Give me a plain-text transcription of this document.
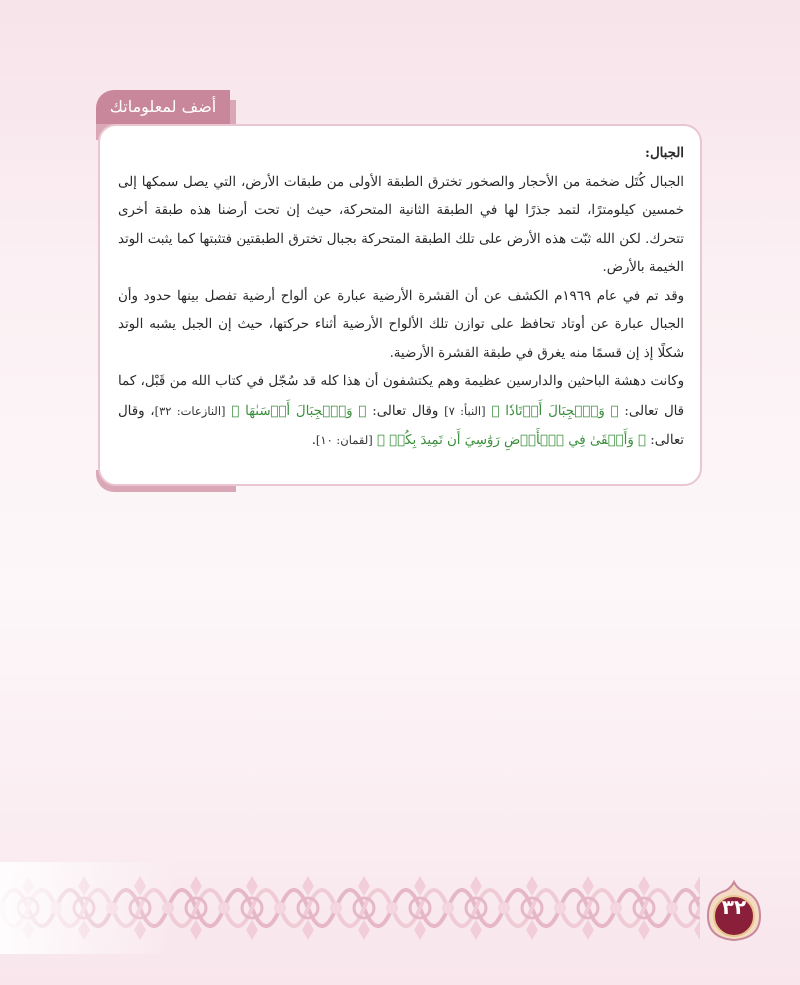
أضف لمعلوماتك

الجبال:

الجبال كُتَل ضخمة من الأحجار والصخور تخترق الطبقة الأولى من طبقات الأرض، التي يصل سمكها إلى خمسين كيلومترًا، لتمد جذرًا لها في الطبقة الثانية المتحركة، حيث إن تحت أرضنا هذه طبقة أخرى تتحرك. لكن الله ثبّت هذه الأرض على تلك الطبقة المتحركة بجبال تخترق الطبقتين فتثبتها كما يثبت الوتد الخيمة بالأرض.

وقد تم في عام ١٩٦٩م الكشف عن أن القشرة الأرضية عبارة عن ألواح أرضية تفصل بينها حدود وأن الجبال عبارة عن أوتاد تحافظ على توازن تلك الألواح الأرضية أثناء حركتها، حيث إن الجبل يشبه الوتد شكلًا إذ إن قسمًا منه يغرق في طبقة القشرة الأرضية.

وكانت دهشة الباحثين والدارسين عظيمة وهم يكتشفون أن هذا كله قد سُجّل في كتاب الله من قَبْل، كما قال تعالى: ﴿ وَٱلۡجِبَالَ أَوۡتَادٗا ﴾ [النبأ: ٧] وقال تعالى: ﴿ وَٱلۡجِبَالَ أَرۡسَىٰهَا ﴾ [النازعات: ٣٢]، وقال تعالى: ﴿ وَأَلۡقَىٰ فِي ٱلۡأَرۡضِ رَوَٰسِيَ أَن تَمِيدَ بِكُمۡ ﴾ [لقمان: ١٠].

٣٢
